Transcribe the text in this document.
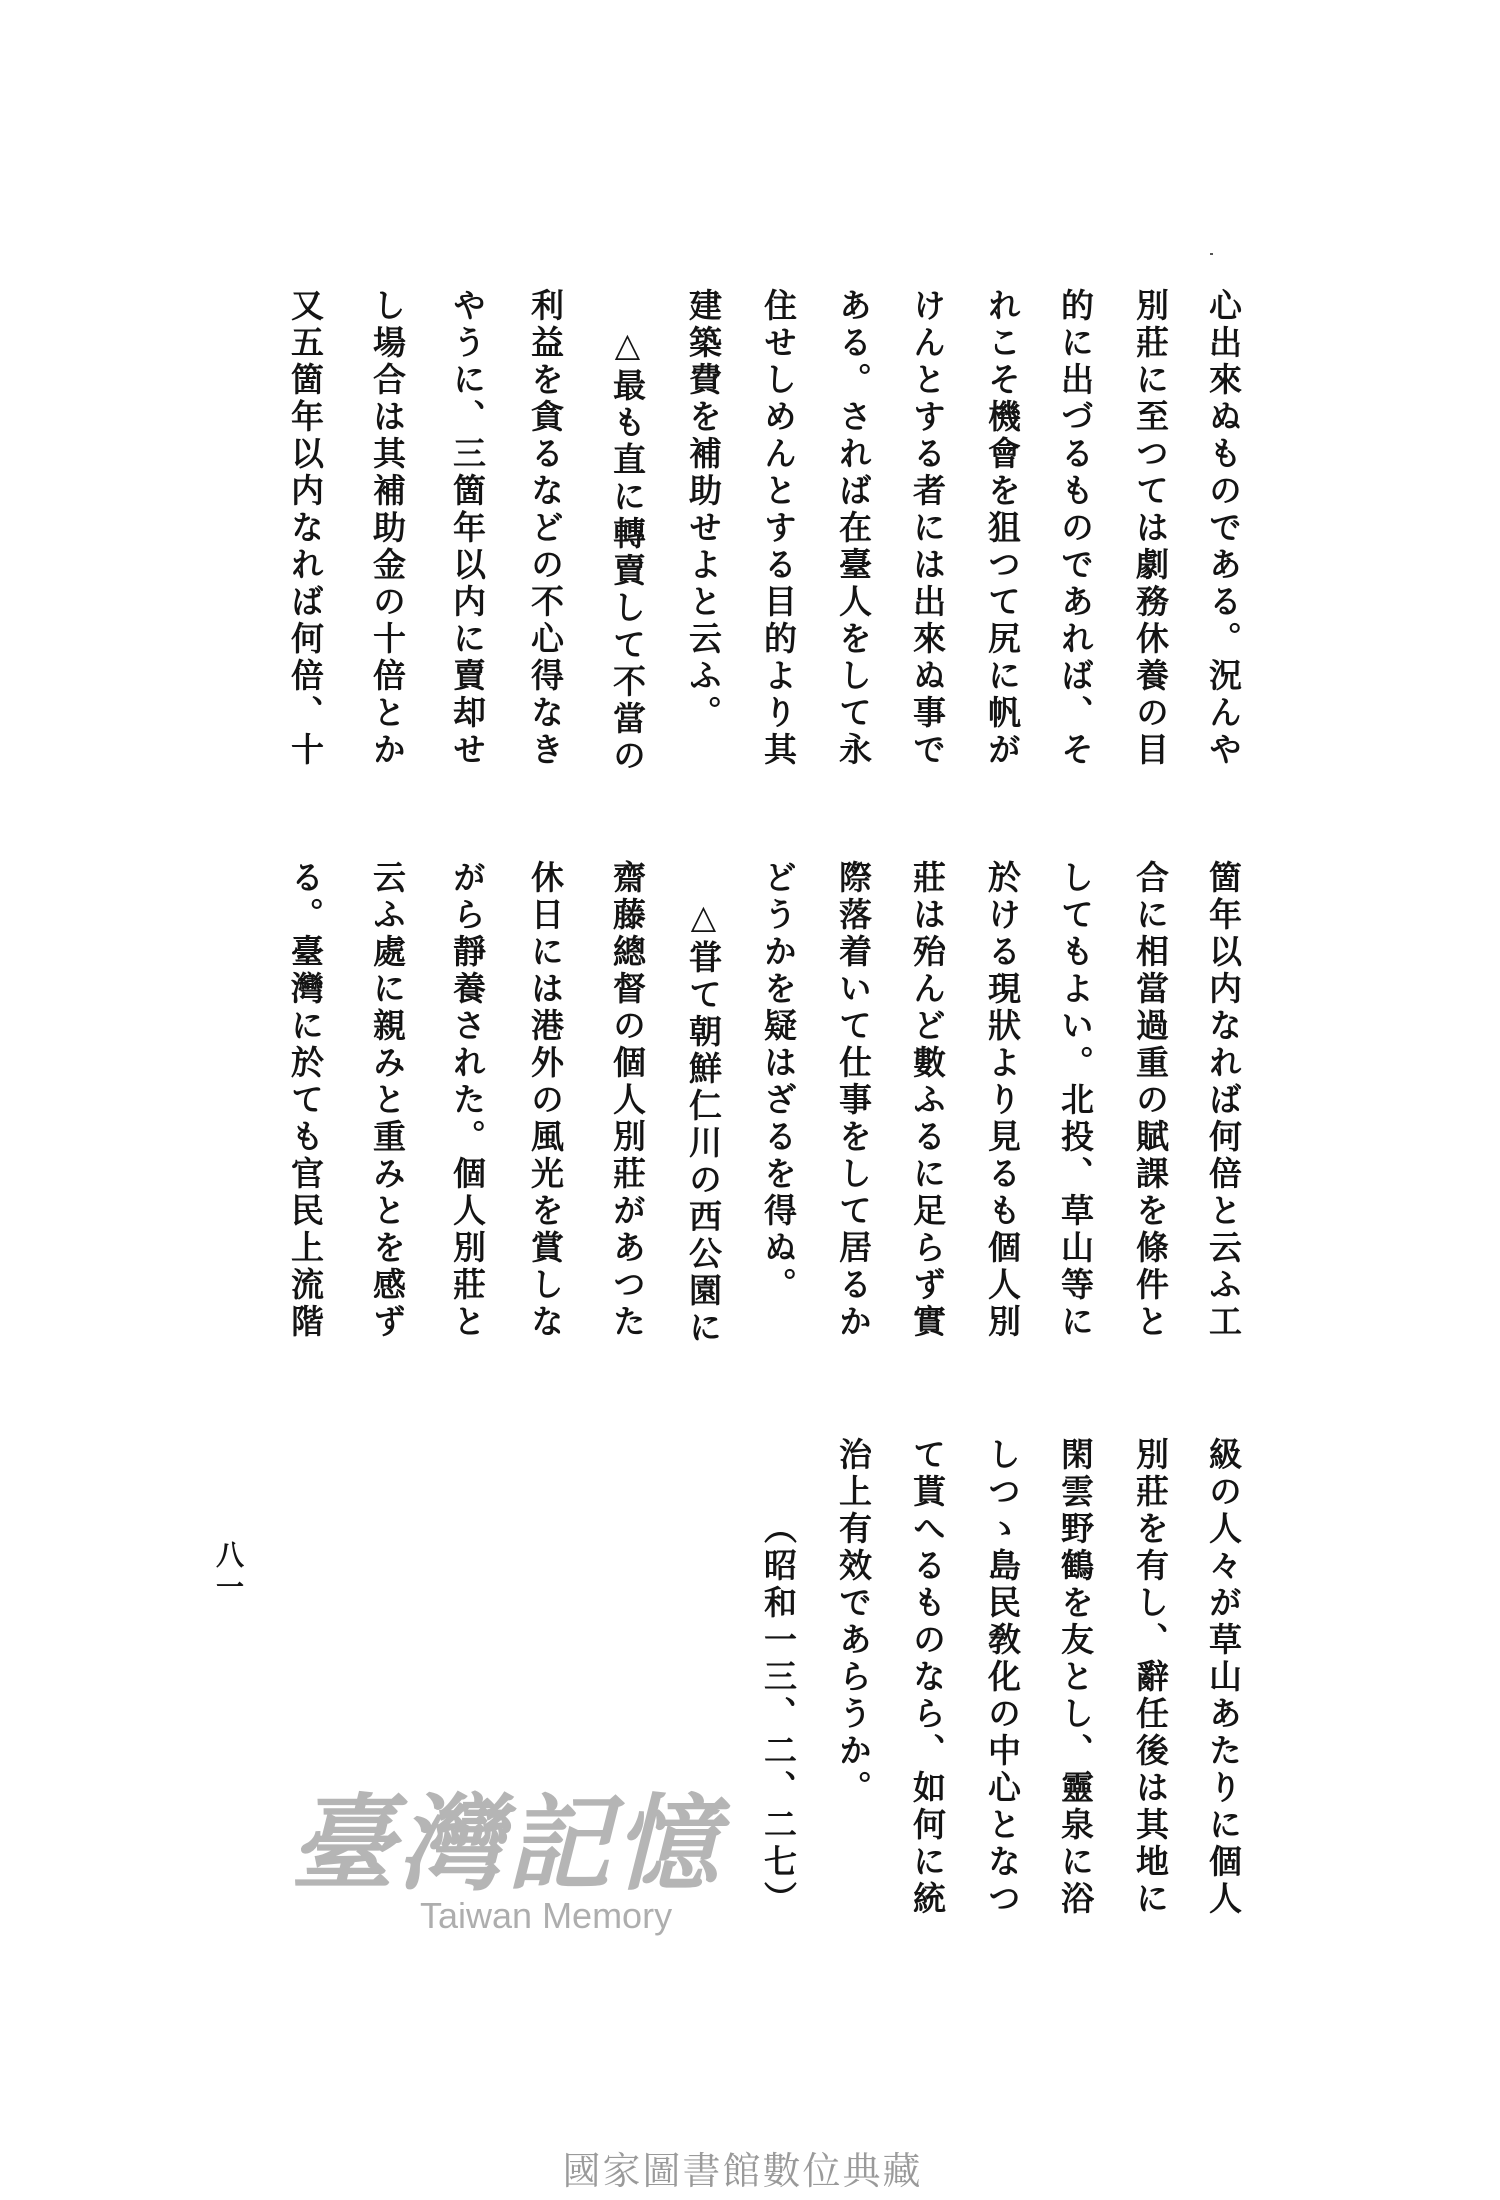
心出來ぬものである。況んや
別莊に至つては劇務休養の目
的に出づるものであれば、そ
れこそ機會を狙つて尻に帆が
けんとする者には出來ぬ事で
ある。されば在臺人をして永
住せしめんとする目的より其
建築費を補助せよと云ふ。
△最も直に轉賣して不當の
利益を貪るなどの不心得なき
やうに、三箇年以内に賣却せ
し場合は其補助金の十倍とか
又五箇年以内なれば何倍、十
箇年以内なれば何倍と云ふ工
合に相當過重の賦課を條件と
してもよい。北投、草山等に
於ける現狀より見るも個人別
莊は殆んど數ふるに足らず實
際落着いて仕事をして居るか
どうかを疑はざるを得ぬ。
△甞て朝鮮仁川の西公園に
齋藤總督の個人別莊があつた
休日には港外の風光を賞しな
がら靜養された。個人別莊と
云ふ處に親みと重みとを感ず
る。臺灣に於ても官民上流階
級の人々が草山あたりに個人
別莊を有し、辭任後は其地に
閑雲野鶴を友とし、靈泉に浴
しつゝ島民敎化の中心となつ
て貰へるものなら、如何に統
治上有效であらうか。
（昭和一三、二、二七）
八一
臺灣記憶
Taiwan Memory
國家圖書館數位典藏
